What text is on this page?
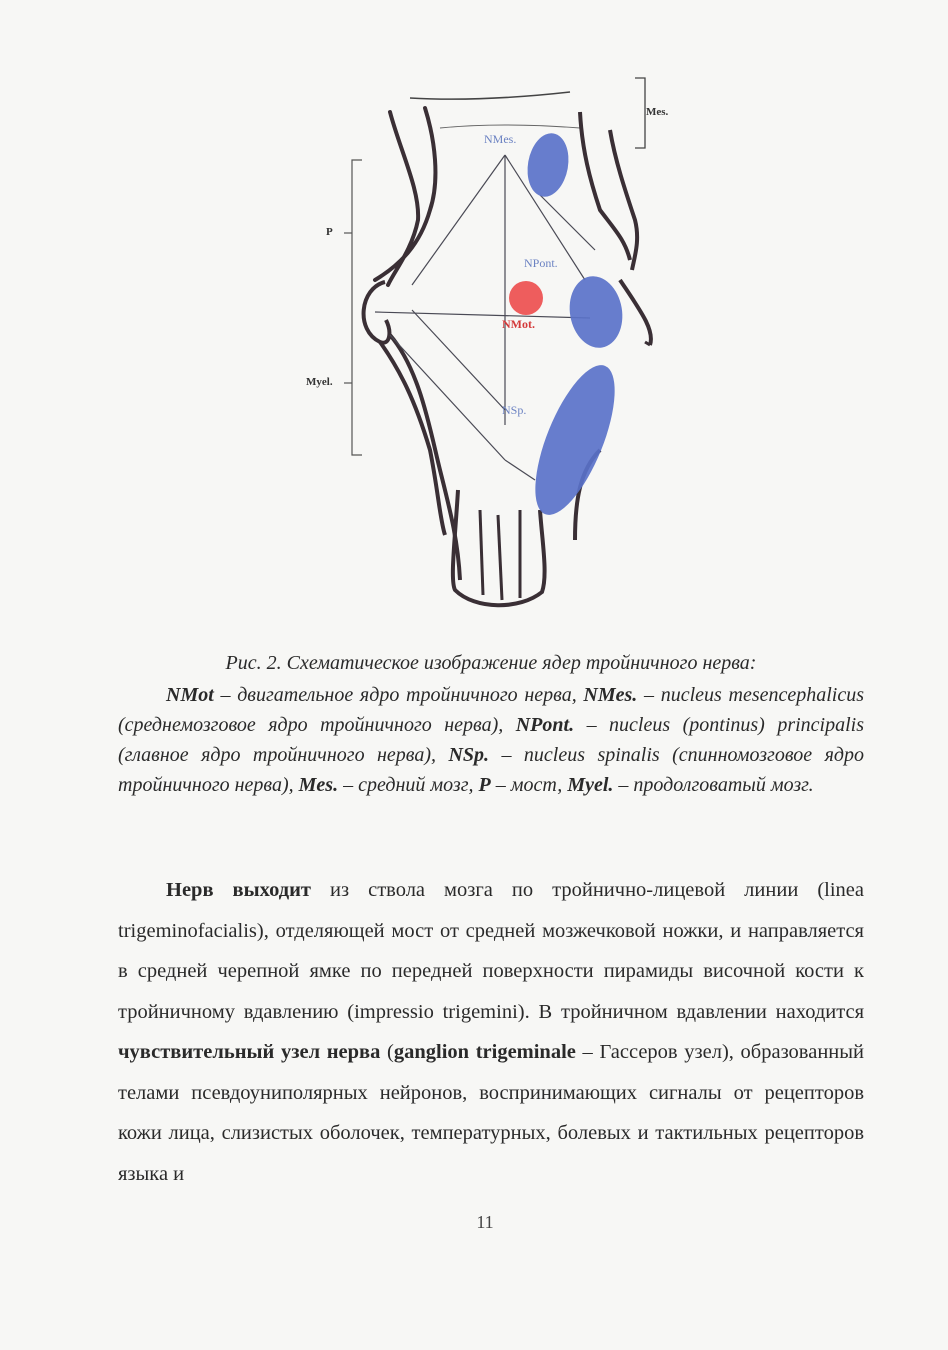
NMes.
NPont.
NMot.
NSp.
Mes.
P
Myel.

Рис. 2. Схематическое изображение ядер тройничного нерва:

NMot – двигательное ядро тройничного нерва, NMes. – nucleus mesencephalicus (среднемозговое ядро тройничного нерва), NPont. – nucleus (pontinus) principalis (главное ядро тройничного нерва), NSp. – nucleus spinalis (спинномозговое ядро тройничного нерва), Mes. – средний мозг, P – мост, Myel. – продолговатый мозг.

Нерв выходит из ствола мозга по тройнично-лицевой линии (linea trigeminofacialis), отделяющей мост от средней мозжечковой ножки, и направляется в средней черепной ямке по передней поверхности пирамиды височной кости к тройничному вдавлению (impressio trigemini). В тройничном вдавлении находится чувствительный узел нерва (ganglion trigeminale – Гассеров узел), образованный телами псевдоуниполярных нейронов, воспринимающих сигналы от рецепторов кожи лица, слизистых оболочек, температурных, болевых и тактильных рецепторов языка и

11
